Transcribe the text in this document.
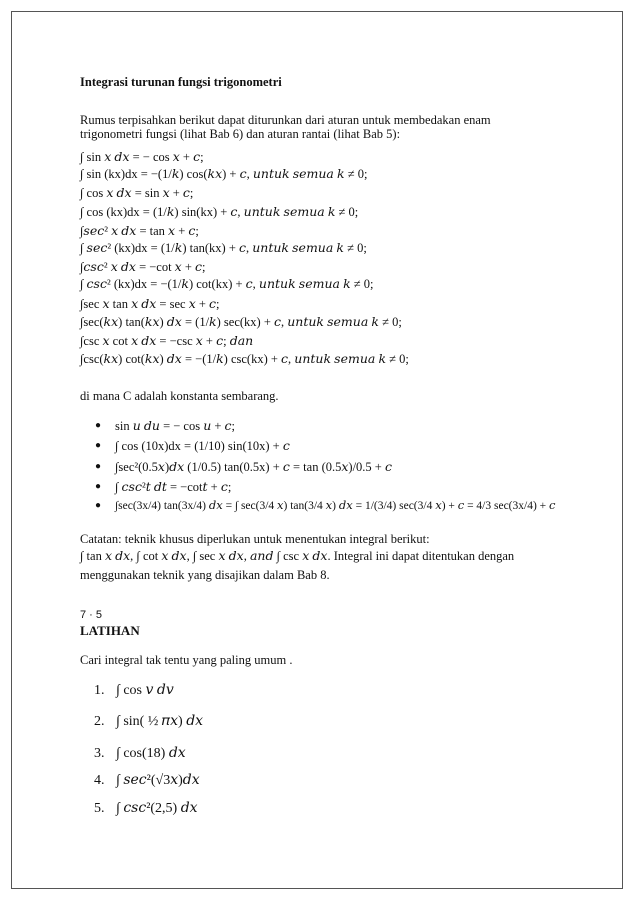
Integrasi turunan fungsi trigonometri
Rumus terpisahkan berikut dapat diturunkan dari aturan untuk membedakan enam
trigonometri fungsi (lihat Bab 6) dan aturan rantai (lihat Bab 5):
∫ sin 𝑥 𝑑𝑥 = − cos 𝑥 + 𝑐;
∫ sin (kx)dx = −(1/𝑘) cos(𝑘𝑥) + 𝑐, 𝑢𝑛𝑡𝑢𝑘 𝑠𝑒𝑚𝑢𝑎 𝑘 ≠ 0;
∫ cos 𝑥 𝑑𝑥 = sin 𝑥 + 𝑐;
∫ cos (kx)dx = (1/𝑘) sin(kx) + 𝑐, 𝑢𝑛𝑡𝑢𝑘 𝑠𝑒𝑚𝑢𝑎 𝑘 ≠ 0;
∫𝑠𝑒𝑐² 𝑥 𝑑𝑥 = tan 𝑥 + 𝑐;
∫ 𝑠𝑒𝑐² (kx)dx = (1/𝑘) tan(kx) + 𝑐, 𝑢𝑛𝑡𝑢𝑘 𝑠𝑒𝑚𝑢𝑎 𝑘 ≠ 0;
∫𝑐𝑠𝑐² 𝑥 𝑑𝑥 = −cot 𝑥 + 𝑐;
∫ 𝑐𝑠𝑐² (kx)dx = −(1/𝑘) cot(kx) + 𝑐, 𝑢𝑛𝑡𝑢𝑘 𝑠𝑒𝑚𝑢𝑎 𝑘 ≠ 0;
∫sec 𝑥 tan 𝑥 𝑑𝑥 = sec 𝑥 + 𝑐;
∫sec(𝑘𝑥) tan(𝑘𝑥) 𝑑𝑥 = (1/𝑘) sec(kx) + 𝑐, 𝑢𝑛𝑡𝑢𝑘 𝑠𝑒𝑚𝑢𝑎 𝑘 ≠ 0;
∫csc 𝑥 cot 𝑥 𝑑𝑥 = −csc 𝑥 + 𝑐; 𝑑𝑎𝑛
∫csc(𝑘𝑥) cot(𝑘𝑥) 𝑑𝑥 = −(1/𝑘) csc(kx) + 𝑐, 𝑢𝑛𝑡𝑢𝑘 𝑠𝑒𝑚𝑢𝑎 𝑘 ≠ 0;
di mana C adalah konstanta sembarang.
● sin 𝑢 𝑑𝑢 = − cos 𝑢 + 𝑐;
● ∫ cos (10x)dx = (1/10) sin(10x) + 𝑐
● ∫sec²(0.5𝑥)𝑑𝑥 (1/0.5) tan(0.5x) + 𝑐 = tan (0.5𝑥)/0.5 + 𝑐
● ∫ 𝑐𝑠𝑐²𝑡 𝑑𝑡 = −cot𝑡 + 𝑐;
● ∫sec(3x/4) tan(3x/4) 𝑑𝑥 = ∫ sec(3/4 𝑥) tan(3/4 𝑥) 𝑑𝑥 = 1/(3/4) sec(3/4 𝑥) + 𝑐 = 4/3 sec(3x/4) + 𝑐
Catatan: teknik khusus diperlukan untuk menentukan integral berikut:
∫ tan 𝑥 𝑑𝑥, ∫ cot 𝑥 𝑑𝑥, ∫ sec 𝑥 𝑑𝑥, 𝑎𝑛𝑑 ∫ csc 𝑥 𝑑𝑥. Integral ini dapat ditentukan dengan
menggunakan teknik yang disajikan dalam Bab 8.
7 · 5
LATIHAN
Cari integral tak tentu yang paling umum .
1. ∫ cos 𝑣 𝑑𝑣
2. ∫ sin( ½ 𝜋𝑥) 𝑑𝑥
3. ∫ cos(18) 𝑑𝑥
4. ∫ 𝑠𝑒𝑐²(√3𝑥)𝑑𝑥
5. ∫ 𝑐𝑠𝑐²(2,5) 𝑑𝑥
